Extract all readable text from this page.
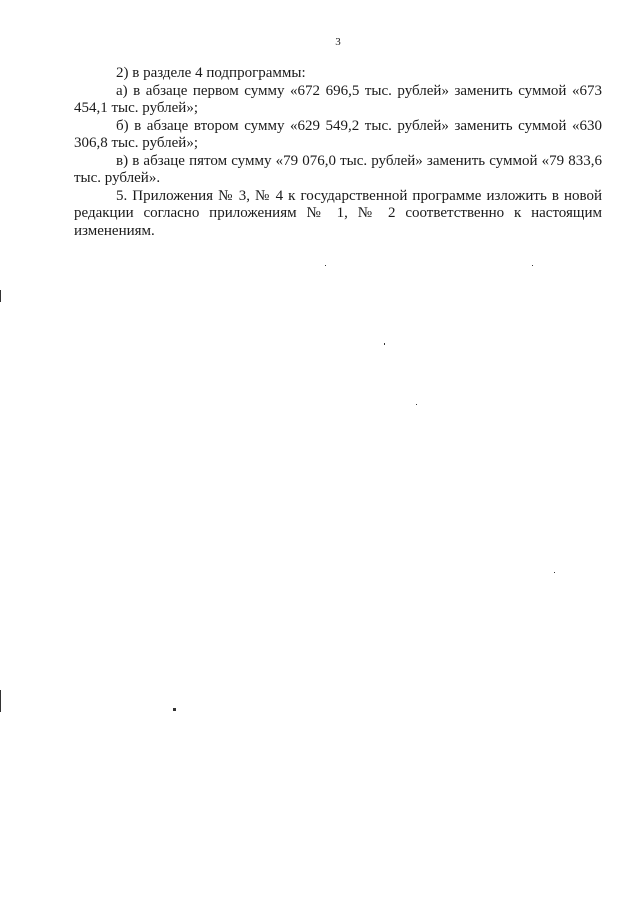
3

2) в разделе 4 подпрограммы:

а) в абзаце первом сумму «672 696,5 тыс. рублей» заменить суммой «673 454,1 тыс. рублей»;

б) в абзаце втором сумму «629 549,2 тыс. рублей» заменить суммой «630 306,8 тыс. рублей»;

в) в абзаце пятом сумму «79 076,0 тыс. рублей» заменить суммой «79 833,6 тыс. рублей».

5. Приложения № 3, № 4 к государственной программе изложить в новой редакции согласно приложениям № 1, № 2 соответственно к настоящим изменениям.
